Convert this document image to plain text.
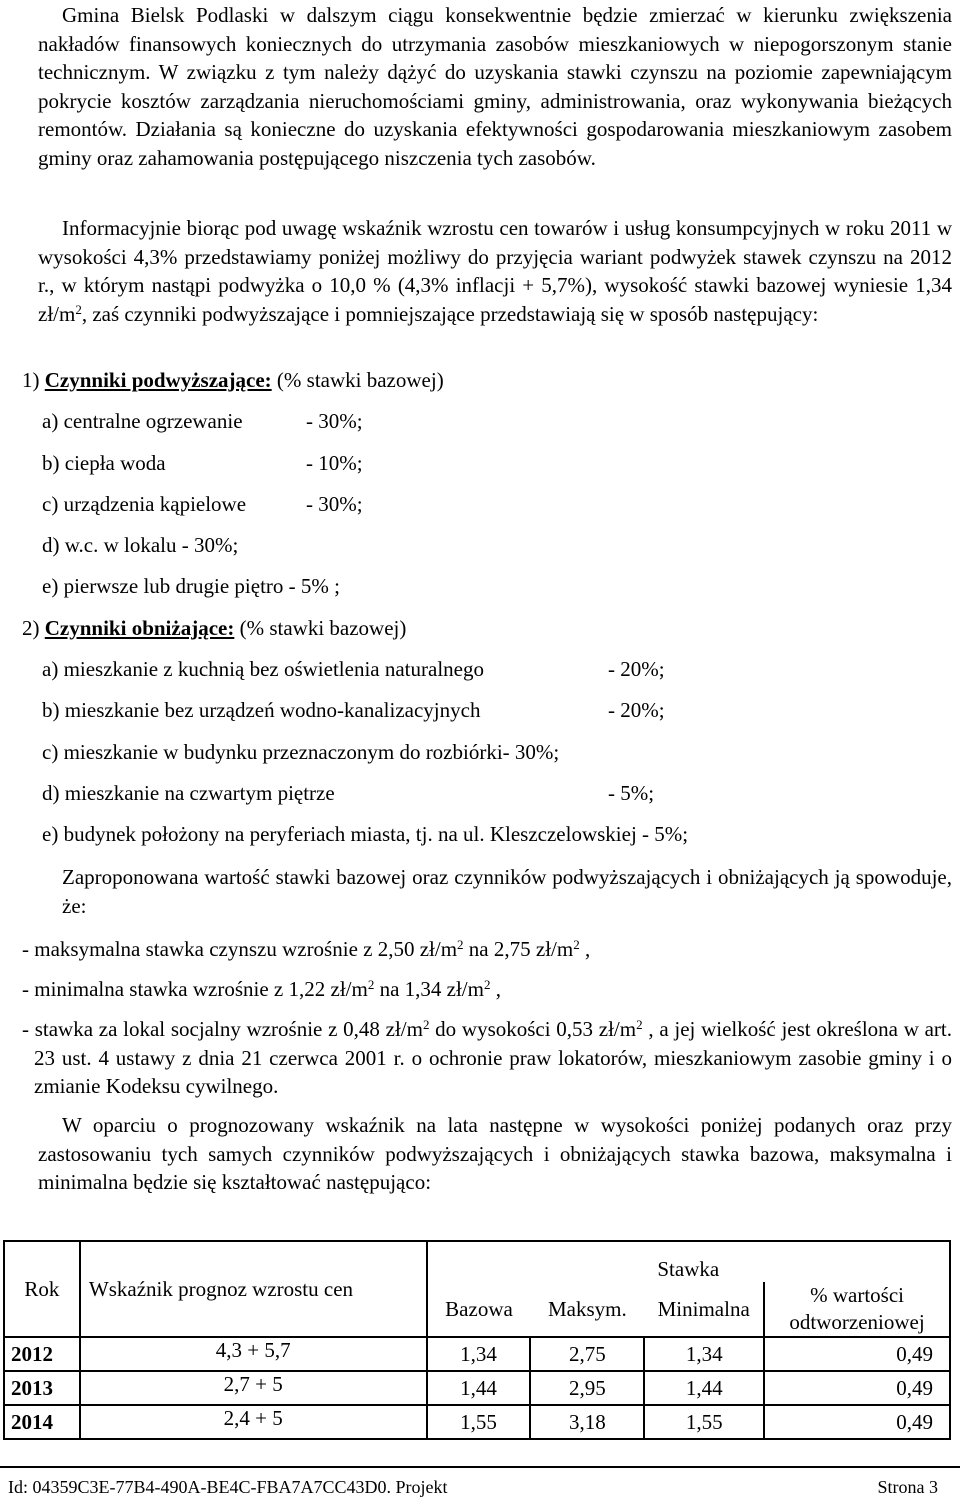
Gmina Bielsk Podlaski w dalszym ciągu konsekwentnie będzie zmierzać w kierunku zwiększenia nakładów finansowych koniecznych do utrzymania zasobów mieszkaniowych w niepogorszonym stanie technicznym. W związku z tym należy dążyć do uzyskania stawki czynszu na poziomie zapewniającym pokrycie kosztów zarządzania nieruchomościami gminy, administrowania, oraz wykonywania bieżących remontów. Działania są konieczne do uzyskania efektywności gospodarowania mieszkaniowym zasobem gminy oraz zahamowania postępującego niszczenia tych zasobów.

Informacyjnie biorąc pod uwagę wskaźnik wzrostu cen towarów i usług konsumpcyjnych w roku 2011 w wysokości 4,3% przedstawiamy poniżej możliwy do przyjęcia wariant podwyżek stawek czynszu na 2012 r., w którym nastąpi podwyżka o 10,0 % (4,3% inflacji + 5,7%), wysokość stawki bazowej wyniesie 1,34 $zł/m^2$, zaś czynniki podwyższające i pomniejszające przedstawiają się w sposób następujący:

1) Czynniki podwyższające: (% stawki bazowej)
a) centralne ogrzewanie	- 30%;
b) ciepła woda	- 10%;
c) urządzenia kąpielowe	- 30%;
d) w.c. w lokalu - 30%;
e) pierwsze lub drugie piętro - 5% ;
2) Czynniki obniżające: (% stawki bazowej)
a) mieszkanie z kuchnią bez oświetlenia naturalnego	- 20%;
b) mieszkanie bez urządzeń wodno-kanalizacyjnych	- 20%;
c) mieszkanie w budynku przeznaczonym do rozbiórki- 30%;
d) mieszkanie na czwartym piętrze	- 5%;
e) budynek położony na peryferiach miasta, tj. na ul. Kleszczelowskiej - 5%;

Zaproponowana wartość stawki bazowej oraz czynników podwyższających i obniżających ją spowoduje, że:

- maksymalna stawka czynszu wzrośnie z 2,50 $zł/m^2$ na 2,75 $zł/m^2$ ,

- minimalna stawka wzrośnie z 1,22 $zł/m^2$ na 1,34 $zł/m^2$ ,

- stawka za lokal socjalny wzrośnie z 0,48 $zł/m^2$ do wysokości 0,53 $zł/m^2$ , a jej wielkość jest określona w art. 23 ust. 4 ustawy z dnia 21 czerwca 2001 r. o ochronie praw lokatorów, mieszkaniowym zasobie gminy i o zmianie Kodeksu cywilnego.

W oparciu o prognozowany wskaźnik na lata następne w wysokości poniżej podanych oraz przy zastosowaniu tych samych czynników podwyższających i obniżających stawka bazowa, maksymalna i minimalna będzie się kształtować następująco:

Rok	Wskaźnik prognoz wzrostu cen	Stawka			
		Bazowa	Maksym.	Minimalna	% wartości odtworzeniowej
2012	4,3 + 5,7	1,34	2,75	1,34	0,49
2013	2,7 + 5	1,44	2,95	1,44	0,49
2014	2,4 + 5	1,55	3,18	1,55	0,49
Id: 04359C3E-77B4-490A-BE4C-FBA7A7CC43D0. Projekt	Strona 3
